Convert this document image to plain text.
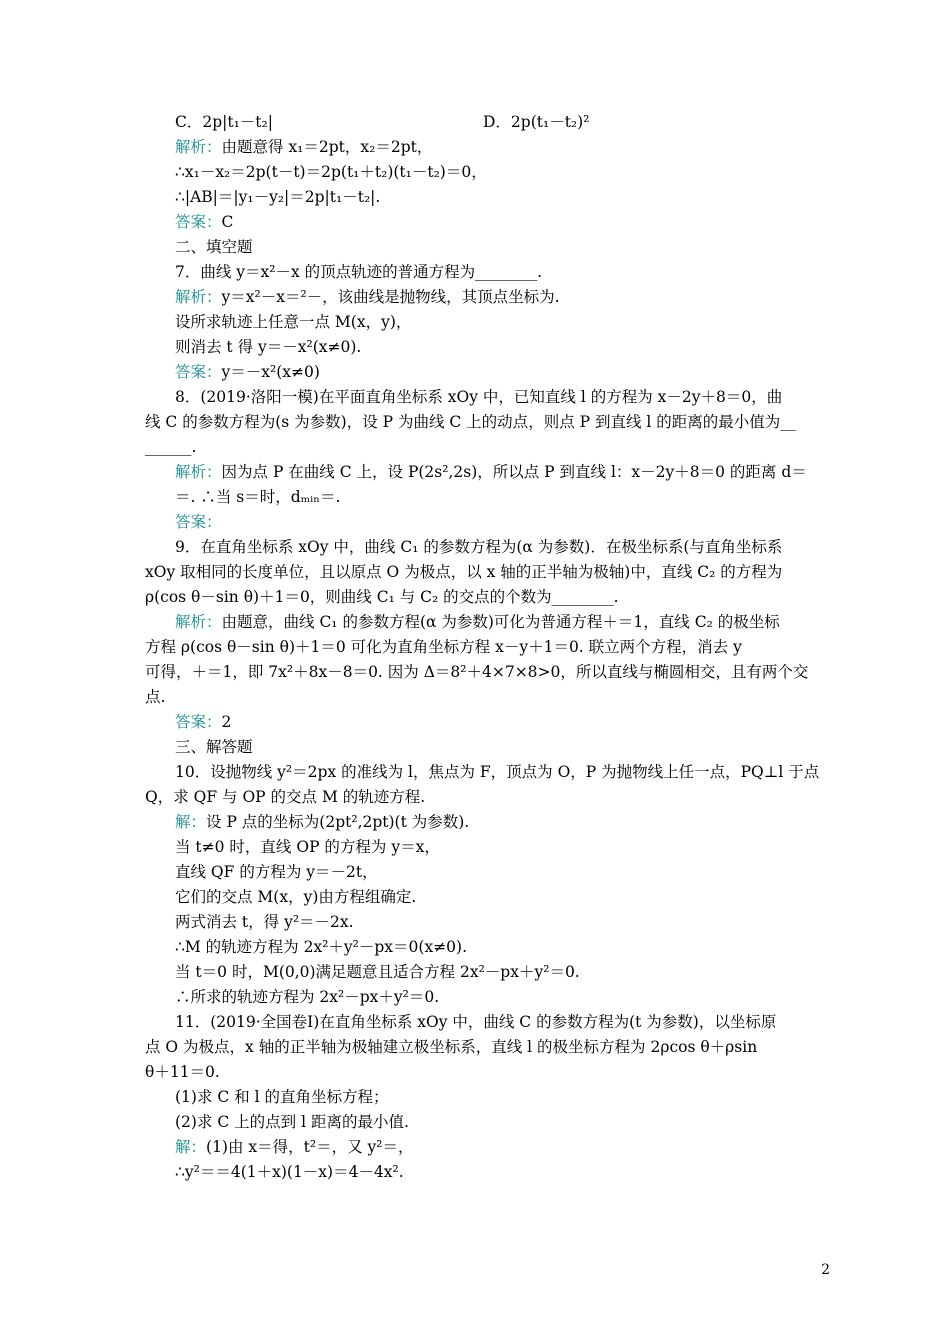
2
C．2p|t₁－t₂|	D．2p(t₁－t₂)²
解析：由题意得 x₁＝2pt，x₂＝2pt，
∴x₁－x₂＝2p(t－t)＝2p(t₁＋t₂)(t₁－t₂)＝0，
∴|AB|＝|y₁－y₂|＝2p|t₁－t₂|.
答案：C
二、填空题
7．曲线 y＝x²－x 的顶点轨迹的普通方程为________.
解析：y＝x²－x＝²－，该曲线是抛物线，其顶点坐标为.
设所求轨迹上任意一点 M(x，y)，
则消去 t 得 y＝－x²(x≠0).
答案：y＝－x²(x≠0)
8．(2019·洛阳一模)在平面直角坐标系 xOy 中，已知直线 l 的方程为 x－2y＋8＝0，曲
线 C 的参数方程为(s 为参数)，设 P 为曲线 C 上的动点，则点 P 到直线 l 的距离的最小值为__
______.
解析：因为点 P 在曲线 C 上，设 P(2s²,2s)，所以点 P 到直线 l：x－2y＋8＝0 的距离 d＝
＝. ∴当 s＝时，dₘᵢₙ＝.
答案：
9．在直角坐标系 xOy 中，曲线 C₁ 的参数方程为(α 为参数)．在极坐标系(与直角坐标系
xOy 取相同的长度单位，且以原点 O 为极点，以 x 轴的正半轴为极轴)中，直线 C₂ 的方程为
ρ(cos θ－sin θ)＋1＝0，则曲线 C₁ 与 C₂ 的交点的个数为________.
解析：由题意，曲线 C₁ 的参数方程(α 为参数)可化为普通方程＋＝1，直线 C₂ 的极坐标
方程 ρ(cos θ－sin θ)＋1＝0 可化为直角坐标方程 x－y＋1＝0. 联立两个方程，消去 y
可得，＋＝1，即 7x²＋8x－8＝0. 因为 Δ＝8²＋4×7×8>0，所以直线与椭圆相交，且有两个交
点.
答案：2
三、解答题
10．设抛物线 y²＝2px 的准线为 l，焦点为 F，顶点为 O，P 为抛物线上任一点，PQ⊥l 于点
Q，求 QF 与 OP 的交点 M 的轨迹方程.
解：设 P 点的坐标为(2pt²,2pt)(t 为参数).
当 t≠0 时，直线 OP 的方程为 y＝x，
直线 QF 的方程为 y＝－2t，
它们的交点 M(x，y)由方程组确定.
两式消去 t，得 y²＝－2x.
∴M 的轨迹方程为 2x²＋y²－px＝0(x≠0).
当 t＝0 时，M(0,0)满足题意且适合方程 2x²－px＋y²＝0.
∴所求的轨迹方程为 2x²－px＋y²＝0.
11．(2019·全国卷Ⅰ)在直角坐标系 xOy 中，曲线 C 的参数方程为(t 为参数)，以坐标原
点 O 为极点，x 轴的正半轴为极轴建立极坐标系，直线 l 的极坐标方程为 2ρcos θ＋ρsin
θ＋11＝0.
(1)求 C 和 l 的直角坐标方程；
(2)求 C 上的点到 l 距离的最小值.
解：(1)由 x＝得，t²＝，又 y²＝，
∴y²＝＝4(1＋x)(1－x)＝4－4x².
